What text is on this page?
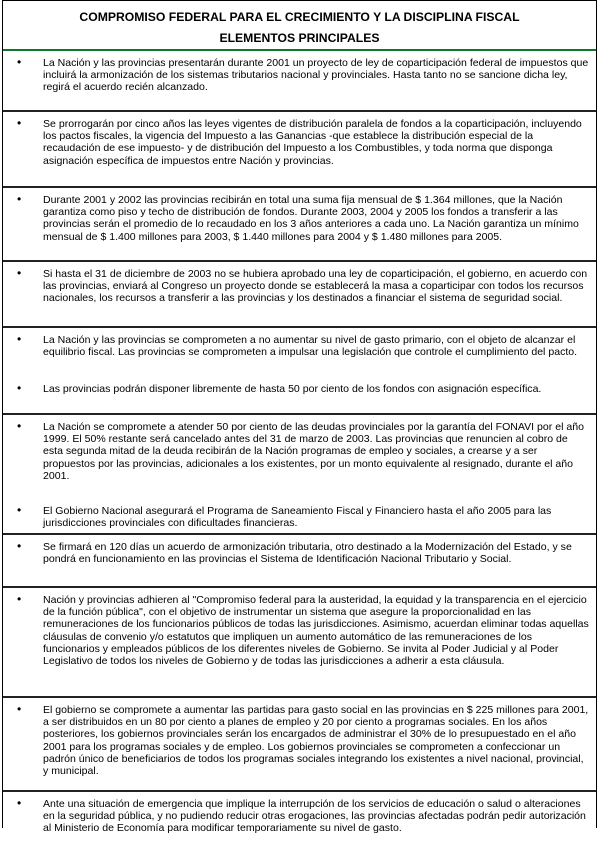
COMPROMISO FEDERAL PARA EL CRECIMIENTO Y LA DISCIPLINA FISCAL
ELEMENTOS PRINCIPALES
• La Nación y las provincias presentarán durante 2001 un proyecto de ley de coparticipación federal de impuestos que incluirá la armonización de los sistemas tributarios nacional y provinciales. Hasta tanto no se sancione dicha ley, regirá el acuerdo recién alcanzado.
• Se prorrogarán por cinco años las leyes vigentes de distribución paralela de fondos a la coparticipación, incluyendo los pactos fiscales, la vigencia del Impuesto a las Ganancias -que establece la distribución especial de la recaudación de ese impuesto- y de distribución del Impuesto a los Combustibles, y toda norma que disponga asignación específica de impuestos entre Nación y provincias.
• Durante 2001 y 2002 las provincias recibirán en total una suma fija mensual de $ 1.364 millones, que la Nación garantiza como piso y techo de distribución de fondos. Durante 2003, 2004 y 2005 los fondos a transferir a las provincias serán el promedio de lo recaudado en los 3 años anteriores a cada uno. La Nación garantiza un mínimo mensual de $ 1.400 millones para 2003, $ 1.440 millones para 2004 y $ 1.480 millones para 2005.
• Si hasta el 31 de diciembre de 2003 no se hubiera aprobado una ley de coparticipación, el gobierno, en acuerdo con las provincias, enviará al Congreso un proyecto donde se establecerá la masa a coparticipar con todos los recursos nacionales, los recursos a transferir a las provincias y los destinados a financiar el sistema de seguridad social.
• La Nación y las provincias se comprometen a no aumentar su nivel de gasto primario, con el objeto de alcanzar el equilibrio fiscal. Las provincias se comprometen a impulsar una legislación que controle el cumplimiento del pacto.
• Las provincias podrán disponer libremente de hasta 50 por ciento de los fondos con asignación específica.
• La Nación se compromete a atender 50 por ciento de las deudas provinciales por la garantía del FONAVI por el año 1999. El 50% restante será cancelado antes del 31 de marzo de 2003. Las provincias que renuncien al cobro de esta segunda mitad de la deuda recibirán de la Nación programas de empleo y sociales, a crearse y a ser propuestos por las provincias, adicionales a los existentes, por un monto equivalente al resignado, durante el año 2001.
• El Gobierno Nacional asegurará el Programa de Saneamiento Fiscal y Financiero hasta el año 2005 para las jurisdicciones provinciales con dificultades financieras.
• Se firmará en 120 días un acuerdo de armonización tributaria, otro destinado a la Modernización del Estado, y se pondrá en funcionamiento en las provincias el Sistema de Identificación Nacional Tributario y Social.
• Nación y provincias adhieren al "Compromiso federal para la austeridad, la equidad y la transparencia en el ejercicio de la función pública", con el objetivo de instrumentar un sistema que asegure la proporcionalidad en las remuneraciones de los funcionarios públicos de todas las jurisdicciones. Asimismo, acuerdan eliminar todas aquellas cláusulas de convenio y/o estatutos que impliquen un aumento automático de las remuneraciones de los funcionarios y empleados públicos de los diferentes niveles de Gobierno. Se invita al Poder Judicial y al Poder Legislativo de todos los niveles de Gobierno y de todas las jurisdicciones a adherir a esta cláusula.
• El gobierno se compromete a aumentar las partidas para gasto social en las provincias en $ 225 millones para 2001, a ser distribuidos en un 80 por ciento a planes de empleo y 20 por ciento a programas sociales. En los años posteriores, los gobiernos provinciales serán los encargados de administrar el 30% de lo presupuestado en el año 2001 para los programas sociales y de empleo. Los gobiernos provinciales se comprometen a confeccionar un padrón único de beneficiarios de todos los programas sociales integrando los existentes a nivel nacional, provincial, y municipal.
• Ante una situación de emergencia que implique la interrupción de los servicios de educación o salud o alteraciones en la seguridad pública, y no pudiendo reducir otras erogaciones, las provincias afectadas podrán pedir autorización al Ministerio de Economía para modificar temporariamente su nivel de gasto.
